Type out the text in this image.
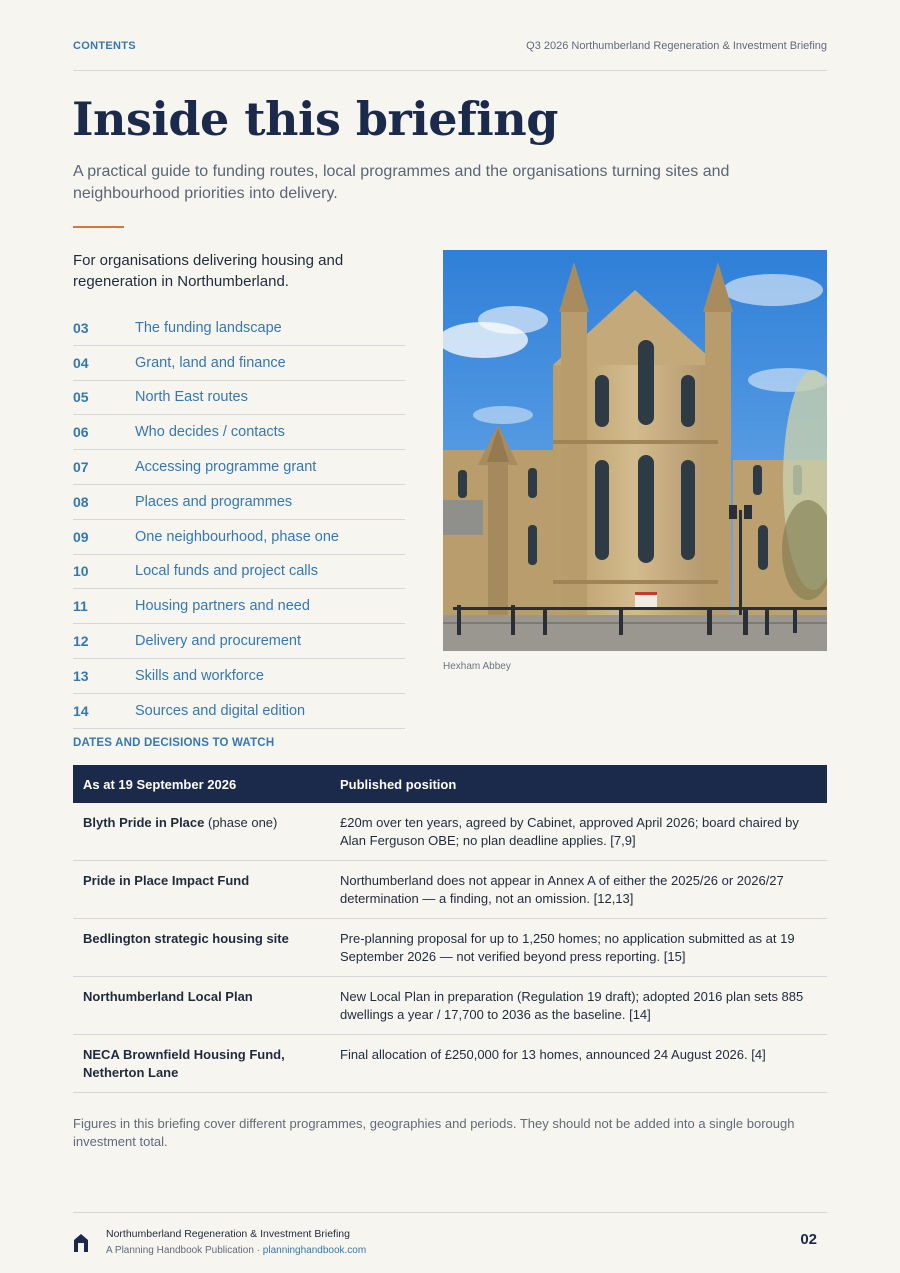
CONTENTS	Q3 2026 Northumberland Regeneration & Investment Briefing
Inside this briefing

A practical guide to funding routes, local programmes and the organisations turning sites and neighbourhood priorities into delivery.

For organisations delivering housing and regeneration in Northumberland.

03	The funding landscape
04	Grant, land and finance
05	North East routes
06	Who decides / contacts
07	Accessing programme grant
08	Places and programmes
09	One neighbourhood, phase one
10	Local funds and project calls
11	Housing partners and need
12	Delivery and procurement
13	Skills and workforce
14	Sources and digital edition
Hexham Abbey
DATES AND DECISIONS TO WATCH
As at 19 September 2026	Published position
Blyth Pride in Place (phase one)	£20m over ten years, agreed by Cabinet, approved April 2026; board chaired by Alan Ferguson OBE; no plan deadline applies. [7,9]
Pride in Place Impact Fund	Northumberland does not appear in Annex A of either the 2025/26 or 2026/27 determination — a finding, not an omission. [12,13]
Bedlington strategic housing site	Pre-planning proposal for up to 1,250 homes; no application submitted as at 19 September 2026 — not verified beyond press reporting. [15]
Northumberland Local Plan	New Local Plan in preparation (Regulation 19 draft); adopted 2016 plan sets 885 dwellings a year / 17,700 to 2036 as the baseline. [14]
NECA Brownfield Housing Fund, Netherton Lane	Final allocation of £250,000 for 13 homes, announced 24 August 2026. [4]

Figures in this briefing cover different programmes, geographies and periods. They should not be added into a single borough investment total.

Northumberland Regeneration & Investment Briefing
A Planning Handbook Publication · planninghandbook.com
02
